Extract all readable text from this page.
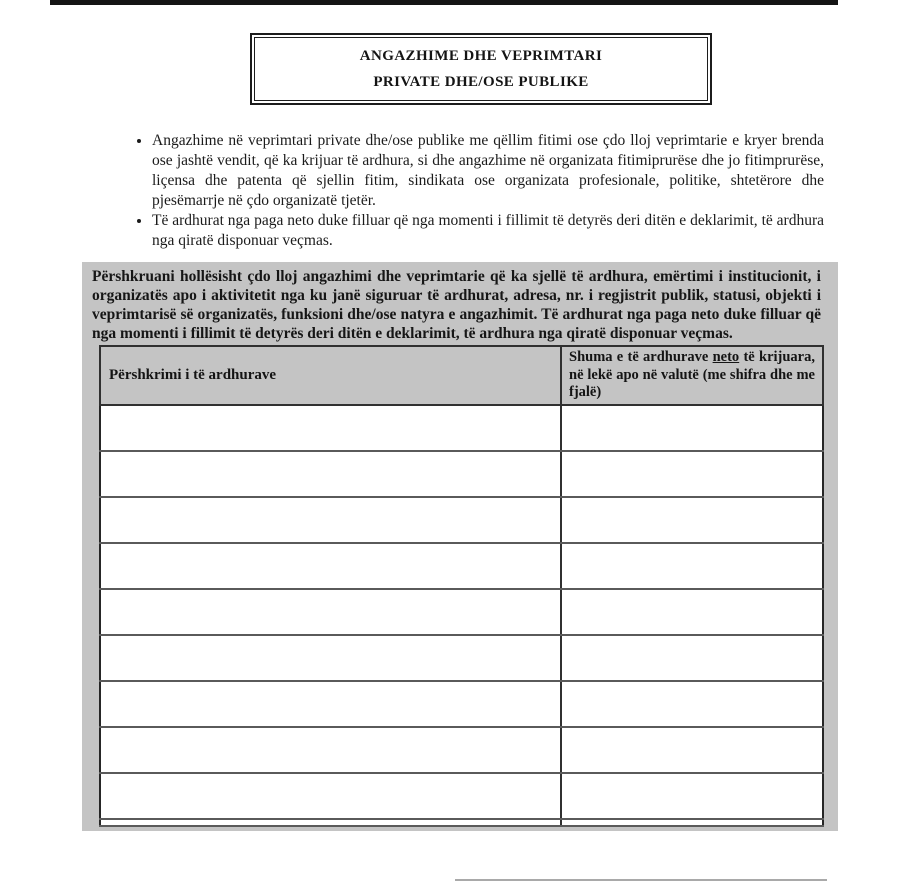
ANGAZHIME DHE VEPRIMTARI
PRIVATE DHE/OSE PUBLIKE
• Angazhime në veprimtari private dhe/ose publike me qëllim fitimi ose çdo lloj veprimtarie e kryer brenda ose jashtë vendit, që ka krijuar të ardhura, si dhe angazhime në organizata fitimiprurëse dhe jo fitimprurëse, liçensa dhe patenta që sjellin fitim, sindikata ose organizata profesionale, politike, shtetërore dhe pjesëmarrje në çdo organizatë tjetër.
• Të ardhurat nga paga neto duke filluar që nga momenti i fillimit të detyrës deri ditën e deklarimit, të ardhura nga qiratë disponuar veçmas.

Përshkruani hollësisht çdo lloj angazhimi dhe veprimtarie që ka sjellë të ardhura, emërtimi i institucionit, i organizatës apo i aktivitetit nga ku janë siguruar të ardhurat, adresa, nr. i regjistrit publik, statusi, objekti i veprimtarisë së organizatës, funksioni dhe/ose natyra e angazhimit. Të ardhurat nga paga neto duke filluar që nga momenti i fillimit të detyrës deri ditën e deklarimit, të ardhura nga qiratë disponuar veçmas.

Përshkrimi i të ardhurave	Shuma e të ardhurave neto të krijuara, në lekë apo në valutë (me shifra dhe me fjalë)
